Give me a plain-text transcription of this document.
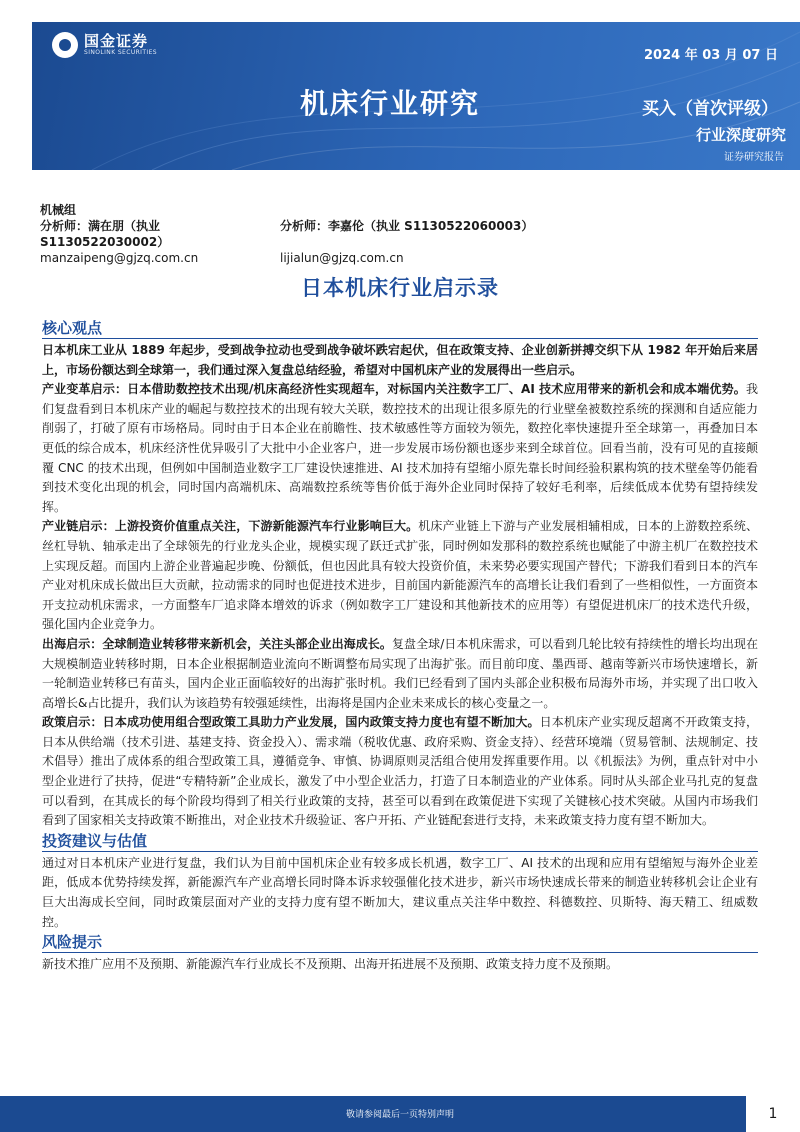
国金证券
SINOLINK SECURITIES	2024 年 03 月 07 日
机床行业研究	买入（首次评级）
行业深度研究
证券研究报告
机械组
分析师：满在朋（执业 S1130522030002）
分析师：李嘉伦（执业 S1130522060003）
manzaipeng@gjzq.com.cn	lijialun@gjzq.com.cn
日本机床行业启示录
核心观点

日本机床工业从 1889 年起步，受到战争拉动也受到战争破坏跌宕起伏，但在政策支持、企业创新拼搏交织下从 1982 年开始后来居上，市场份额达到全球第一，我们通过深入复盘总结经验，希望对中国机床产业的发展得出一些启示。

产业变革启示：日本借助数控技术出现/机床高经济性实现超车，对标国内关注数字工厂、AI 技术应用带来的新机会和成本端优势。我们复盘看到日本机床产业的崛起与数控技术的出现有较大关联，数控技术的出现让很多原先的行业壁垒被数控系统的探测和自适应能力削弱了，打破了原有市场格局。同时由于日本企业在前瞻性、技术敏感性等方面较为领先，数控化率快速提升至全球第一，再叠加日本更低的综合成本，机床经济性优异吸引了大批中小企业客户，进一步发展市场份额也逐步来到全球首位。回看当前，没有可见的直接颠覆 CNC 的技术出现，但例如中国制造业数字工厂建设快速推进、AI 技术加持有望缩小原先靠长时间经验积累构筑的技术壁垒等仍能看到技术变化出现的机会，同时国内高端机床、高端数控系统等售价低于海外企业同时保持了较好毛利率，后续低成本优势有望持续发挥。

产业链启示：上游投资价值重点关注，下游新能源汽车行业影响巨大。机床产业链上下游与产业发展相辅相成，日本的上游数控系统、丝杠导轨、轴承走出了全球领先的行业龙头企业，规模实现了跃迁式扩张，同时例如发那科的数控系统也赋能了中游主机厂在数控技术上实现反超。而国内上游企业普遍起步晚、份额低，但也因此具有较大投资价值，未来势必要实现国产替代；下游我们看到日本的汽车产业对机床成长做出巨大贡献，拉动需求的同时也促进技术进步，目前国内新能源汽车的高增长让我们看到了一些相似性，一方面资本开支拉动机床需求，一方面整车厂追求降本增效的诉求（例如数字工厂建设和其他新技术的应用等）有望促进机床厂的技术迭代升级，强化国内企业竞争力。

出海启示：全球制造业转移带来新机会，关注头部企业出海成长。复盘全球/日本机床需求，可以看到几轮比较有持续性的增长均出现在大规模制造业转移时期，日本企业根据制造业流向不断调整布局实现了出海扩张。而目前印度、墨西哥、越南等新兴市场快速增长，新一轮制造业转移已有苗头，国内企业正面临较好的出海扩张时机。我们已经看到了国内头部企业积极布局海外市场，并实现了出口收入高增长&占比提升，我们认为该趋势有较强延续性，出海将是国内企业未来成长的核心变量之一。

政策启示：日本成功使用组合型政策工具助力产业发展，国内政策支持力度也有望不断加大。日本机床产业实现反超离不开政策支持，日本从供给端（技术引进、基建支持、资金投入）、需求端（税收优惠、政府采购、资金支持）、经营环境端（贸易管制、法规制定、技术倡导）推出了成体系的组合型政策工具，遵循竞争、审慎、协调原则灵活组合使用发挥重要作用。以《机振法》为例，重点针对中小型企业进行了扶持，促进“专精特新”企业成长，激发了中小型企业活力，打造了日本制造业的产业体系。同时从头部企业马扎克的复盘可以看到，在其成长的每个阶段均得到了相关行业政策的支持，甚至可以看到在政策促进下实现了关键核心技术突破。从国内市场我们看到了国家相关支持政策不断推出，对企业技术升级验证、客户开拓、产业链配套进行支持，未来政策支持力度有望不断加大。

投资建议与估值

通过对日本机床产业进行复盘，我们认为目前中国机床企业有较多成长机遇，数字工厂、AI 技术的出现和应用有望缩短与海外企业差距，低成本优势持续发挥，新能源汽车产业高增长同时降本诉求较强催化技术进步，新兴市场快速成长带来的制造业转移机会让企业有巨大出海成长空间，同时政策层面对产业的支持力度有望不断加大，建议重点关注华中数控、科德数控、贝斯特、海天精工、纽威数控。

风险提示

新技术推广应用不及预期、新能源汽车行业成长不及预期、出海开拓进展不及预期、政策支持力度不及预期。

敬请参阅最后一页特别声明	1
